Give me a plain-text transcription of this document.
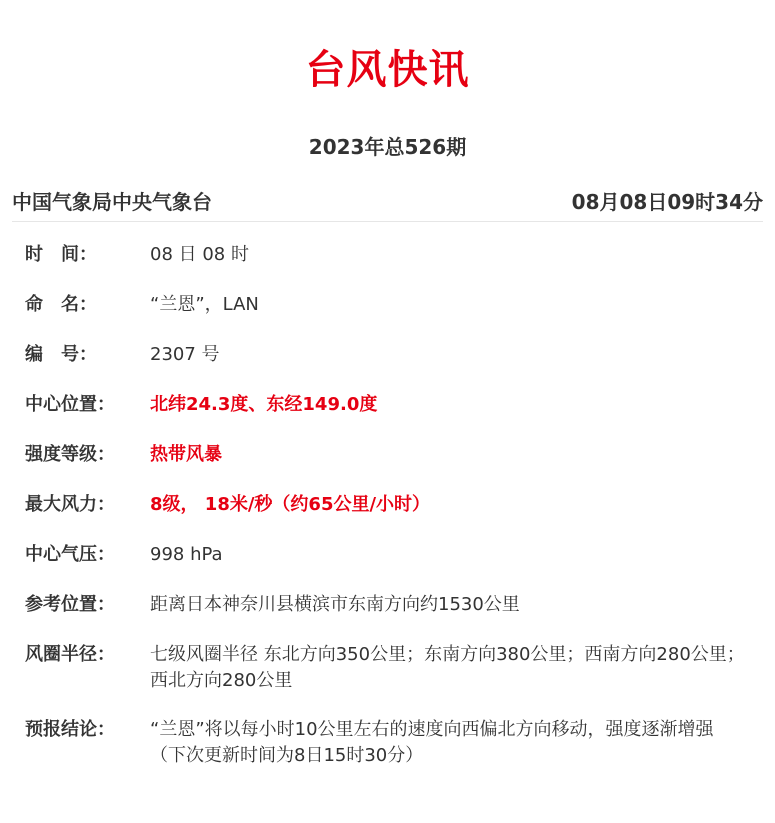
台风快讯
2023年总526期
中国气象局中央气象台	08月08日09时34分
时　间：	08 日 08 时
命　名：	“兰恩”，LAN
编　号：	2307 号
中心位置：	北纬24.3度、东经149.0度
强度等级：	热带风暴
最大风力：	8级， 18米/秒（约65公里/小时）
中心气压：	998 hPa
参考位置：	距离日本神奈川县横滨市东南方向约1530公里
风圈半径：	七级风圈半径 东北方向350公里；东南方向380公里；西南方向280公里；西北方向280公里
预报结论：	“兰恩”将以每小时10公里左右的速度向西偏北方向移动，强度逐渐增强
（下次更新时间为8日15时30分）
